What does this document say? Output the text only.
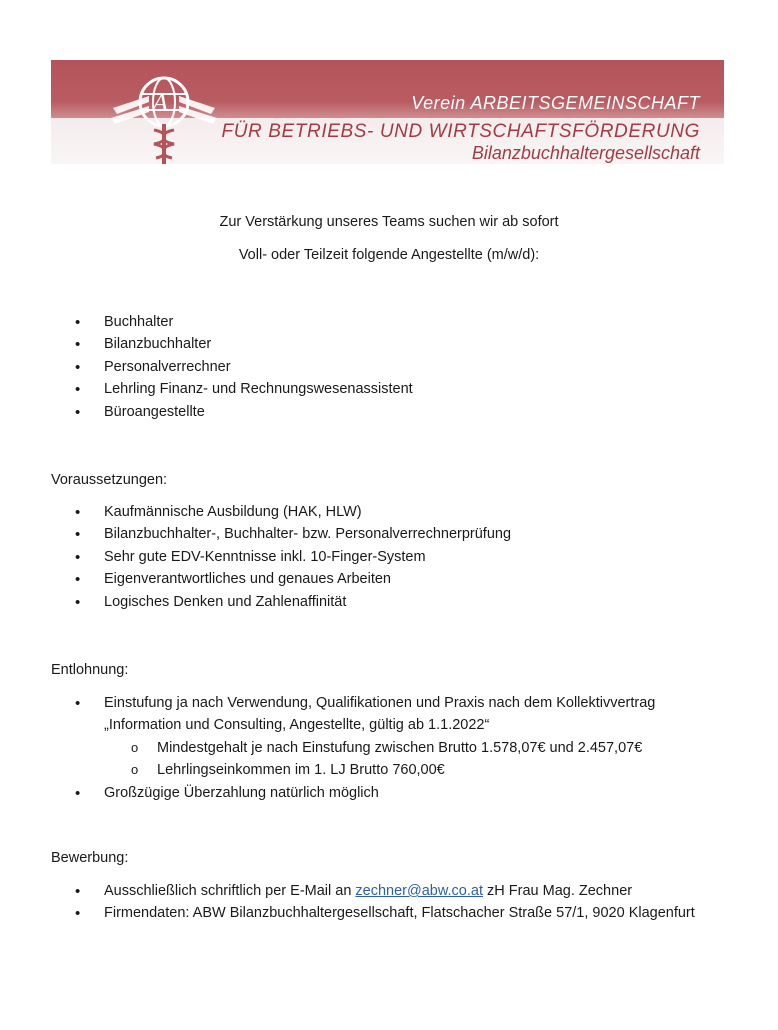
A	Verein ARBEITSGEMEINSCHAFT
FÜR BETRIEBS- UND WIRTSCHAFTSFÖRDERUNG
Bilanzbuchhaltergesellschaft
Zur Verstärkung unseres Teams suchen wir ab sofort
Voll- oder Teilzeit folgende Angestellte (m/w/d):
• Buchhalter
• Bilanzbuchhalter
• Personalverrechner
• Lehrling Finanz- und Rechnungswesenassistent
• Büroangestellte
Voraussetzungen:
• Kaufmännische Ausbildung (HAK, HLW)
• Bilanzbuchhalter-, Buchhalter- bzw. Personalverrechnerprüfung
• Sehr gute EDV-Kenntnisse inkl. 10-Finger-System
• Eigenverantwortliches und genaues Arbeiten
• Logisches Denken und Zahlenaffinität
Entlohnung:
• Einstufung ja nach Verwendung, Qualifikationen und Praxis nach dem Kollektivvertrag
„Information und Consulting, Angestellte, gültig ab 1.1.2022“
o Mindestgehalt je nach Einstufung zwischen Brutto 1.578,07€ und 2.457,07€
o Lehrlingseinkommen im 1. LJ Brutto 760,00€
• Großzügige Überzahlung natürlich möglich
Bewerbung:
• Ausschließlich schriftlich per E-Mail an zechner@abw.co.at zH Frau Mag. Zechner
• Firmendaten: ABW Bilanzbuchhaltergesellschaft, Flatschacher Straße 57/1, 9020 Klagenfurt
